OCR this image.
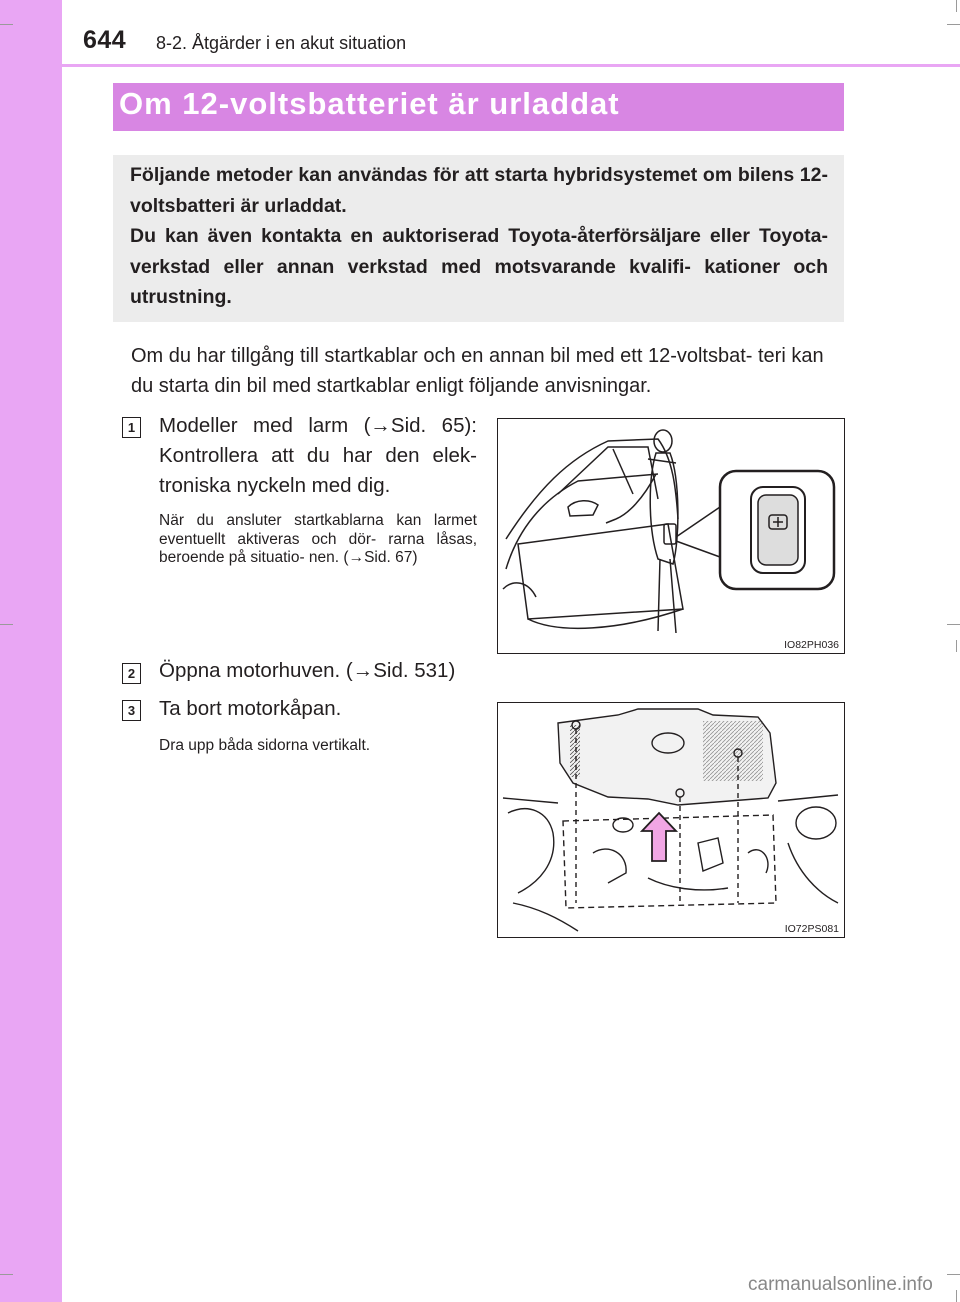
644 8-2. Åtgärder i en akut situation
Om 12-voltsbatteriet är urladdat
Följande metoder kan användas för att starta hybridsystemet om bilens 12-voltsbatteri är urladdat.
Du kan även kontakta en auktoriserad Toyota-återförsäljare eller Toyota-verkstad eller annan verkstad med motsvarande kvalifi- kationer och utrustning.
Om du har tillgång till startkablar och en annan bil med ett 12-voltsbat- teri kan du starta din bil med startkablar enligt följande anvisningar.
1 Modeller med larm (→Sid. 65): Kontrollera att du har den elek- troniska nyckeln med dig.
När du ansluter startkablarna kan larmet eventuellt aktiveras och dör- rarna låsas, beroende på situatio- nen. (→Sid. 67)
IO82PH036
2 Öppna motorhuven. (→Sid. 531)
3 Ta bort motorkåpan.
Dra upp båda sidorna vertikalt.
IO72PS081
carmanualsonline.info
